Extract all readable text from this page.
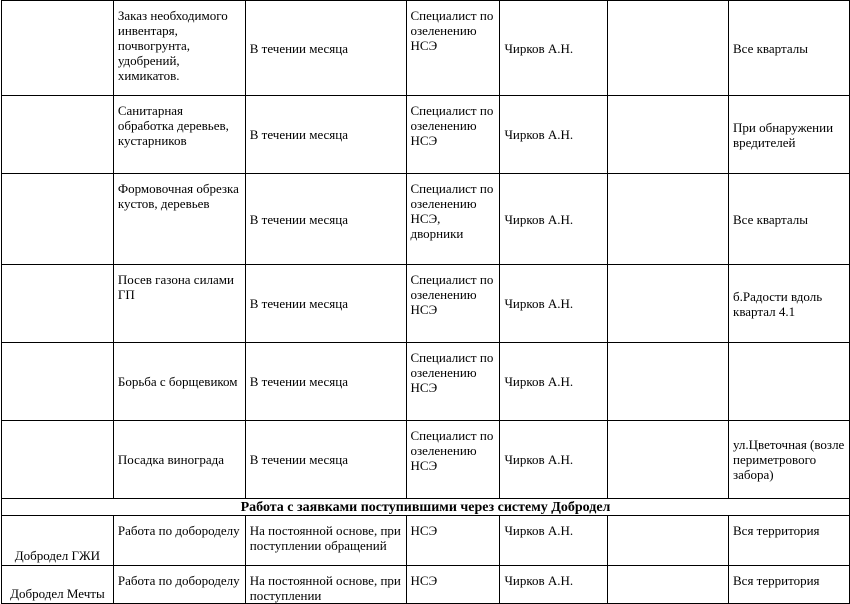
	Заказ необходимого инвентаря, почвогрунта, удобрений, химикатов.	В течении месяца	Специалист по озеленению НСЭ	Чирков А.Н.		Все кварталы
	Санитарная обработка деревьев, кустарников	В течении месяца	Специалист по озеленению НСЭ	Чирков А.Н.		При обнаружении вредителей
	Формовочная обрезка кустов, деревьев	В течении месяца	Специалист по озеленению НСЭ, дворники	Чирков А.Н.		Все кварталы
	Посев газона силами ГП	В течении месяца	Специалист по озеленению НСЭ	Чирков А.Н.		б.Радости вдоль квартал 4.1
	Борьба с борщевиком	В течении месяца	Специалист по озеленению НСЭ	Чирков А.Н.		
	Посадка винограда	В течении месяца	Специалист по озеленению НСЭ	Чирков А.Н.		ул.Цветочная (возле периметрового забора)
Работа с заявками поступившими через систему Добродел						
Добродел ГЖИ	Работа по добороделу	На постоянной основе, при поступлении обращений	НСЭ	Чирков А.Н.		Вся территория
Добродел Мечты	Работа по добороделу	На постоянной основе, при поступлении	НСЭ	Чирков А.Н.		Вся территория
